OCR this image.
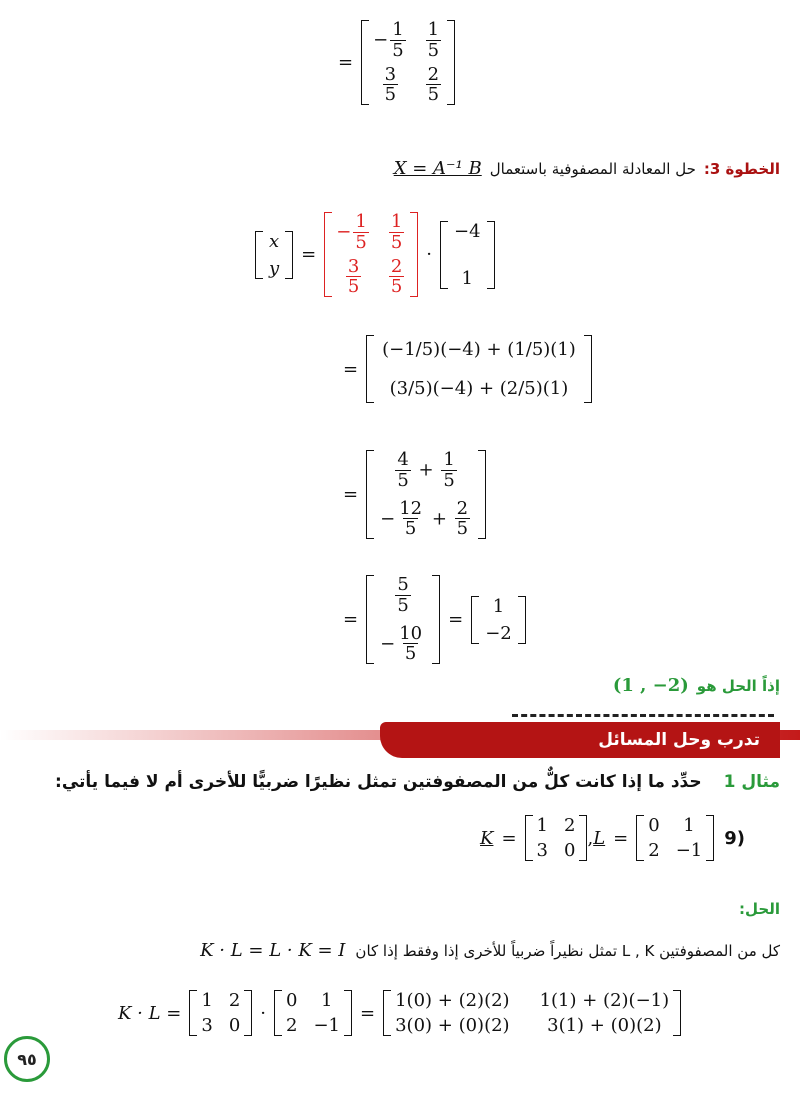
=
− $\frac{1}{5} \frac{1}{5}$
$\frac{3}{5} \frac{2}{5}$
الخطوة 3:
حل المعادلة المصفوفية باستعمال
X = A⁻¹ B
x
y
=
− $\frac{1}{5} \frac{1}{5}$
$\frac{3}{5} \frac{2}{5}$
·
−4
1
=
(−1/5)(−4) + (1/5)(1)
(3/5)(−4) + (2/5)(1)
=
$\frac{4}{5} + \frac{1}{5}$
− $\frac{12}{5} + \frac{2}{5}$
=
$\frac{5}{5}$
− $\frac{10}{5}$
=
1
−2
إذاً الحل هو
(1 , −2)
تدرب وحل المسائل
مثال 1
حدِّد ما إذا كانت كلٌّ من المصفوفتين تمثل نظيرًا ضربيًّا للأخرى أم لا فيما يأتي:
K =
1 2
3 0
, L =
0 1
2 −1
9)
الحل:
كل من المصفوفتين L , K تمثل نظيراً ضربياً للأخرى إذا وفقط إذا كان
K · L = L · K = I
K · L =
1 2
3 0
·
0 1
2 −1
=
1(0) + (2)(2) 1(1) + (2)(−1)
3(0) + (0)(2) 3(1) + (0)(2)
٩٥
